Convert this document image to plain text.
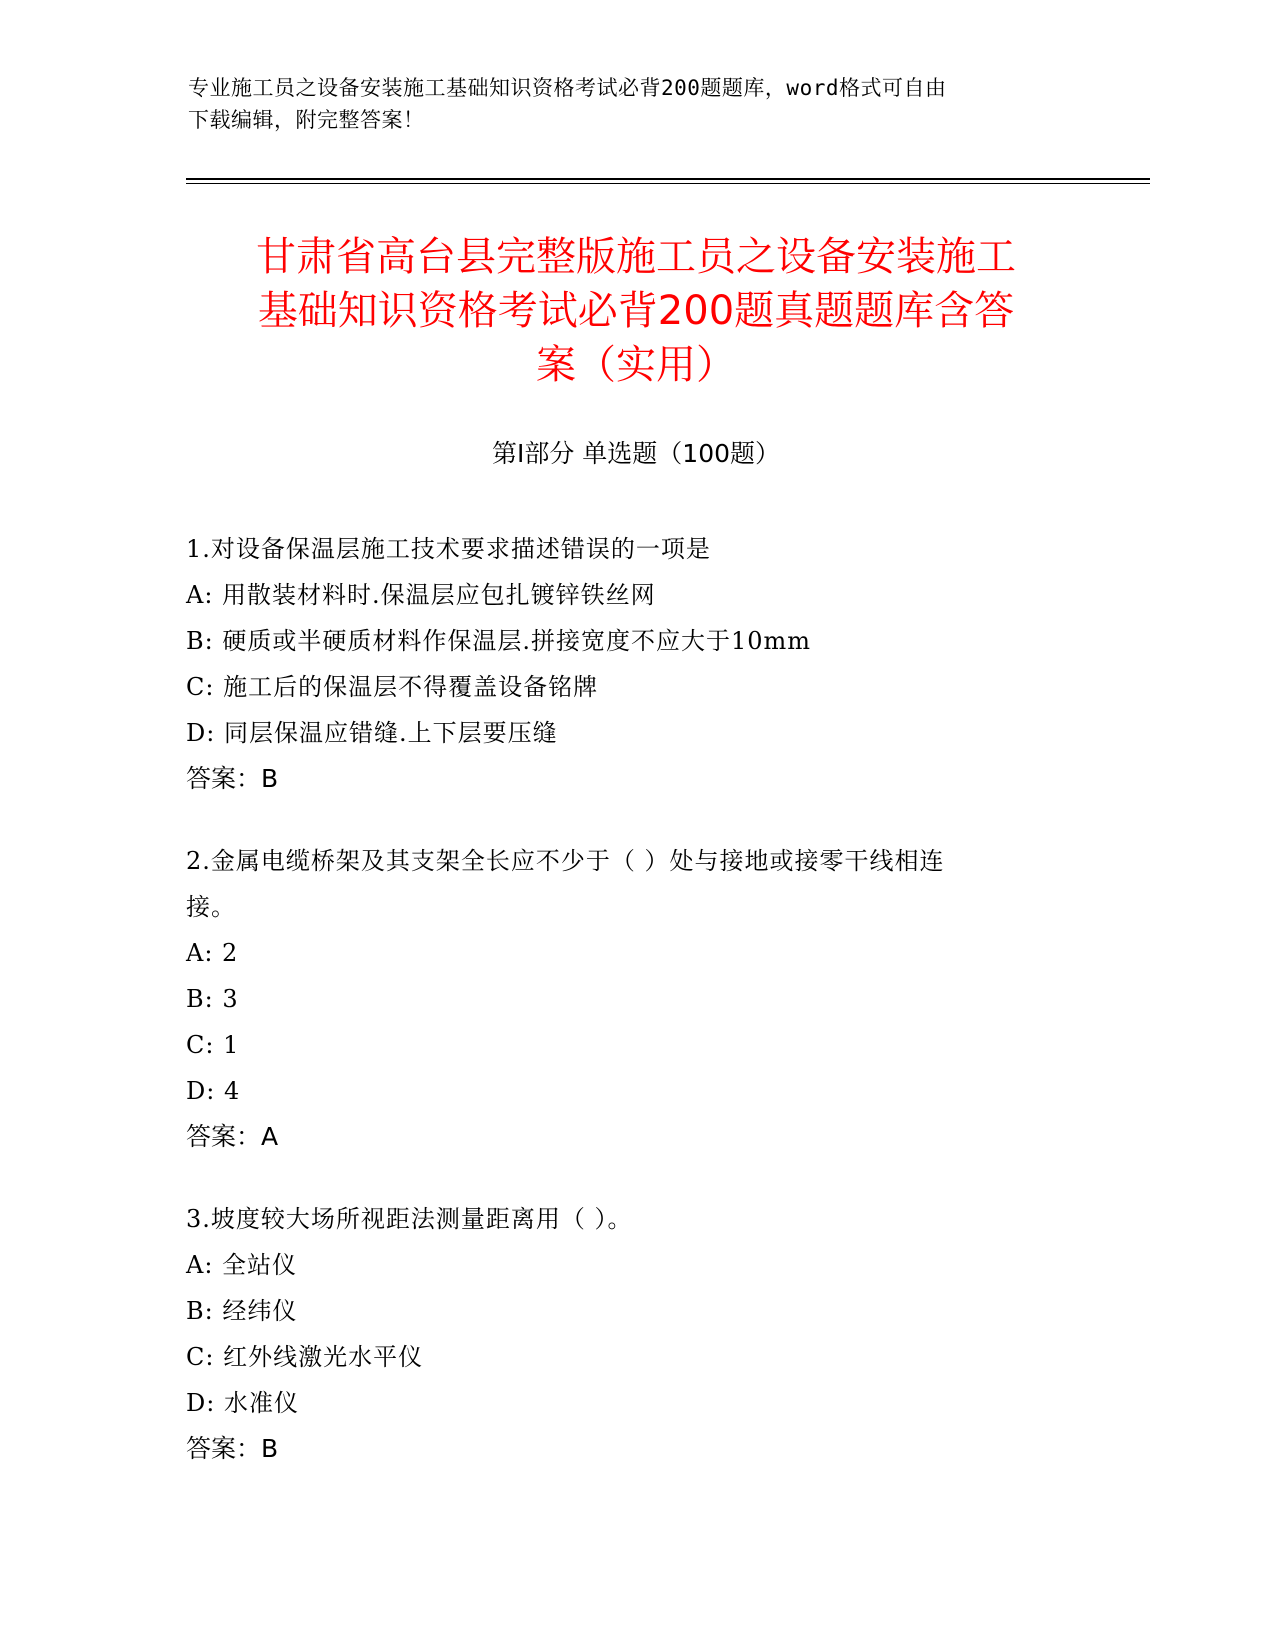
专业施工员之设备安装施工基础知识资格考试必背200题题库，word格式可自由
下载编辑，附完整答案！
甘肃省高台县完整版施工员之设备安装施工
基础知识资格考试必背200题真题题库含答
案（实用）
第I部分 单选题（100题）
1.对设备保温层施工技术要求描述错误的一项是
A: 用散装材料时.保温层应包扎镀锌铁丝网
B: 硬质或半硬质材料作保温层.拼接宽度不应大于10mm
C: 施工后的保温层不得覆盖设备铭牌
D: 同层保温应错缝.上下层要压缝
答案：B
2.金属电缆桥架及其支架全长应不少于（ ）处与接地或接零干线相连
接。
A: 2
B: 3
C: 1
D: 4
答案：A
3.坡度较大场所视距法测量距离用（ ）。
A: 全站仪
B: 经纬仪
C: 红外线激光水平仪
D: 水准仪
答案：B
